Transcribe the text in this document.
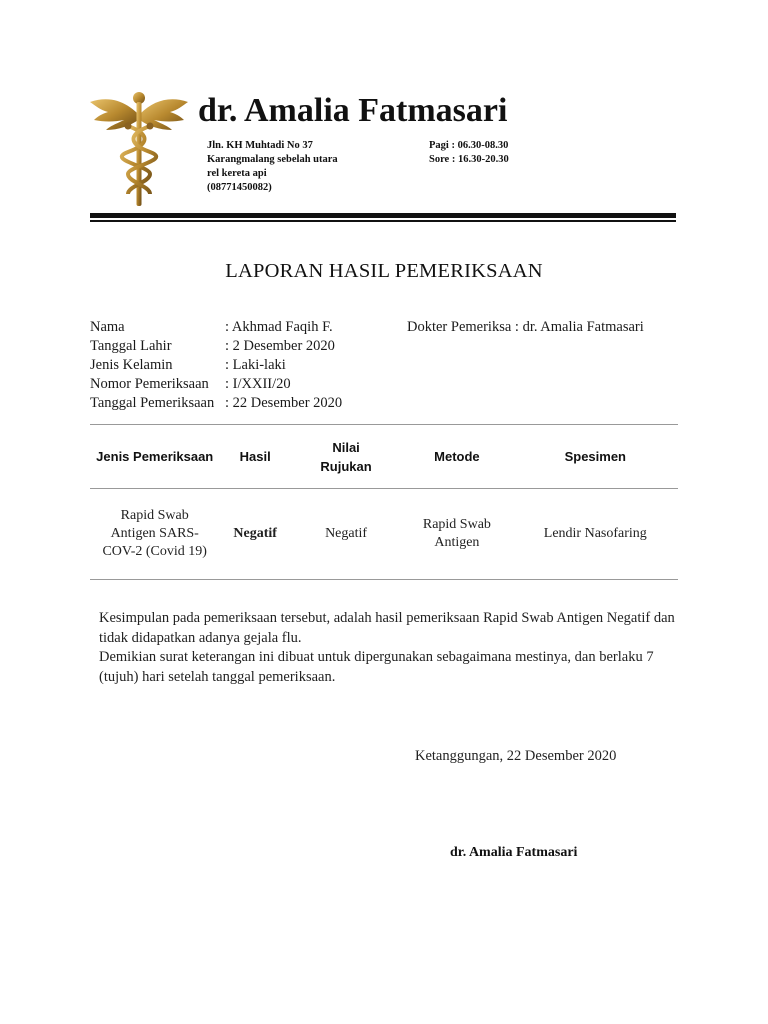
dr. Amalia Fatmasari
Jln. KH Muhtadi No 37
Karangmalang sebelah utara
rel kereta api
(08771450082)
Pagi : 06.30-08.30
Sore : 16.30-20.30
LAPORAN HASIL PEMERIKSAAN
Nama	: Akhmad Faqih F.
Tanggal Lahir	: 2 Desember 2020
Jenis Kelamin	: Laki-laki
Nomor Pemeriksaan	: I/XXII/20
Tanggal Pemeriksaan : 22 Desember 2020
Dokter Pemeriksa : dr. Amalia Fatmasari
Jenis Pemeriksaan	Hasil	Nilai Rujukan	Metode	Spesimen
Rapid Swab Antigen SARS-COV-2 (Covid 19)	Negatif	Negatif	Rapid Swab Antigen	Lendir Nasofaring

Kesimpulan pada pemeriksaan tersebut, adalah hasil pemeriksaan Rapid Swab Antigen Negatif dan tidak didapatkan adanya gejala flu.

Demikian surat keterangan ini dibuat untuk dipergunakan sebagaimana mestinya, dan berlaku 7 (tujuh) hari setelah tanggal pemeriksaan.

Ketanggungan, 22 Desember 2020
dr. Amalia Fatmasari
